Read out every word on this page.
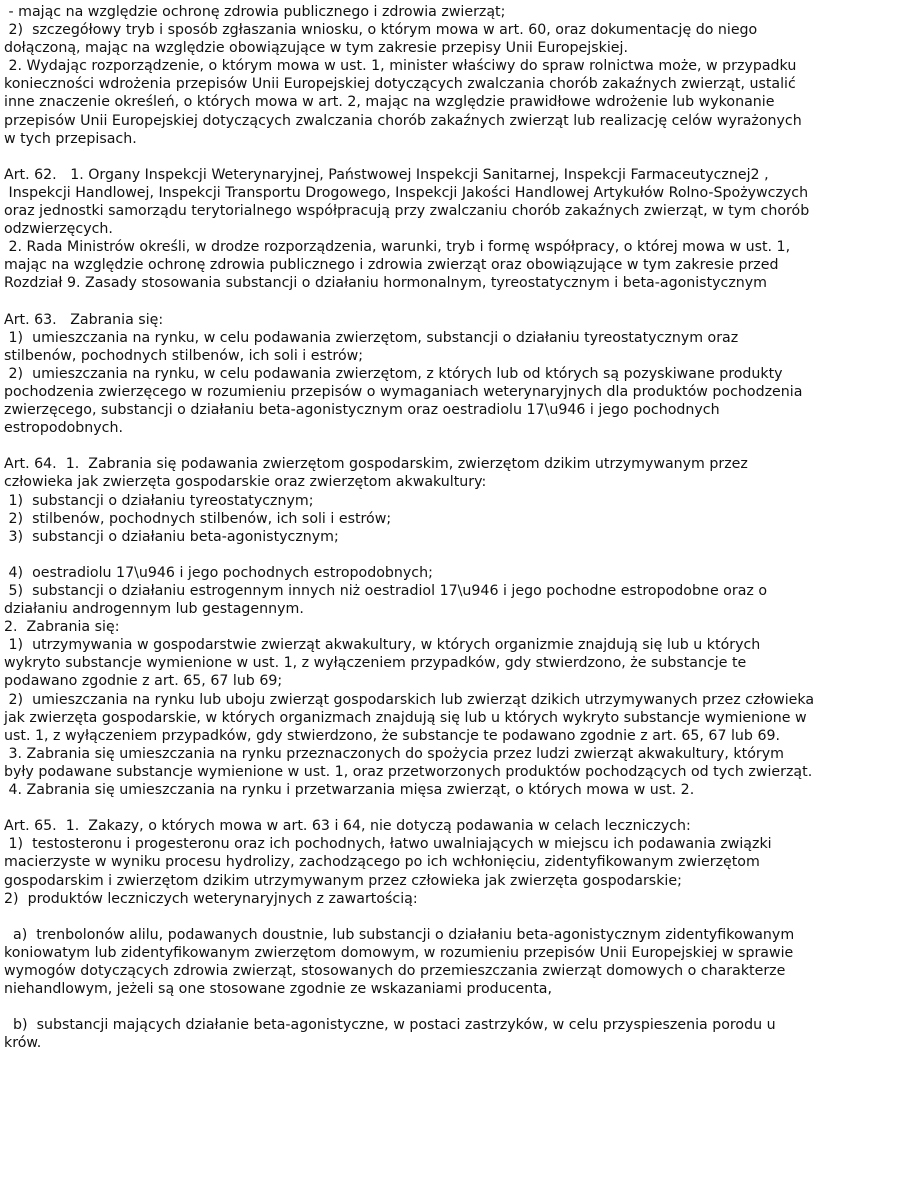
- mając na względzie ochronę zdrowia publicznego i zdrowia zwierząt;
2)  szczegółowy tryb i sposób zgłaszania wniosku, o którym mowa w art. 60, oraz dokumentację do niego
dołączoną, mając na względzie obowiązujące w tym zakresie przepisy Unii Europejskiej.
2. Wydając rozporządzenie, o którym mowa w ust. 1, minister właściwy do spraw rolnictwa może, w przypadku
konieczności wdrożenia przepisów Unii Europejskiej dotyczących zwalczania chorób zakaźnych zwierząt, ustalić
inne znaczenie określeń, o których mowa w art. 2, mając na względzie prawidłowe wdrożenie lub wykonanie
przepisów Unii Europejskiej dotyczących zwalczania chorób zakaźnych zwierząt lub realizację celów wyrażonych
w tych przepisach.
Art. 62.   1. Organy Inspekcji Weterynaryjnej, Państwowej Inspekcji Sanitarnej, Inspekcji Farmaceutycznej2 ,
Inspekcji Handlowej, Inspekcji Transportu Drogowego, Inspekcji Jakości Handlowej Artykułów Rolno-Spożywczych
oraz jednostki samorządu terytorialnego współpracują przy zwalczaniu chorób zakaźnych zwierząt, w tym chorób
odzwierzęcych.
2. Rada Ministrów określi, w drodze rozporządzenia, warunki, tryb i formę współpracy, o której mowa w ust. 1,
mając na względzie ochronę zdrowia publicznego i zdrowia zwierząt oraz obowiązujące w tym zakresie przed
Rozdział 9. Zasady stosowania substancji o działaniu hormonalnym, tyreostatycznym i beta-agonistycznym
Art. 63.   Zabrania się:
1)  umieszczania na rynku, w celu podawania zwierzętom, substancji o działaniu tyreostatycznym oraz
stilbenów, pochodnych stilbenów, ich soli i estrów;
2)  umieszczania na rynku, w celu podawania zwierzętom, z których lub od których są pozyskiwane produkty
pochodzenia zwierzęcego w rozumieniu przepisów o wymaganiach weterynaryjnych dla produktów pochodzenia
zwierzęcego, substancji o działaniu beta-agonistycznym oraz oestradiolu 17\u946 i jego pochodnych
estropodobnych.
Art. 64.  1.  Zabrania się podawania zwierzętom gospodarskim, zwierzętom dzikim utrzymywanym przez
człowieka jak zwierzęta gospodarskie oraz zwierzętom akwakultury:
1)  substancji o działaniu tyreostatycznym;
2)  stilbenów, pochodnych stilbenów, ich soli i estrów;
3)  substancji o działaniu beta-agonistycznym;
4)  oestradiolu 17\u946 i jego pochodnych estropodobnych;
5)  substancji o działaniu estrogennym innych niż oestradiol 17\u946 i jego pochodne estropodobne oraz o
działaniu androgennym lub gestagennym.
2.  Zabrania się:
1)  utrzymywania w gospodarstwie zwierząt akwakultury, w których organizmie znajdują się lub u których
wykryto substancje wymienione w ust. 1, z wyłączeniem przypadków, gdy stwierdzono, że substancje te
podawano zgodnie z art. 65, 67 lub 69;
2)  umieszczania na rynku lub uboju zwierząt gospodarskich lub zwierząt dzikich utrzymywanych przez człowieka
jak zwierzęta gospodarskie, w których organizmach znajdują się lub u których wykryto substancje wymienione w
ust. 1, z wyłączeniem przypadków, gdy stwierdzono, że substancje te podawano zgodnie z art. 65, 67 lub 69.
3. Zabrania się umieszczania na rynku przeznaczonych do spożycia przez ludzi zwierząt akwakultury, którym
były podawane substancje wymienione w ust. 1, oraz przetworzonych produktów pochodzących od tych zwierząt.
4. Zabrania się umieszczania na rynku i przetwarzania mięsa zwierząt, o których mowa w ust. 2.
Art. 65.  1.  Zakazy, o których mowa w art. 63 i 64, nie dotyczą podawania w celach leczniczych:
1)  testosteronu i progesteronu oraz ich pochodnych, łatwo uwalniających w miejscu ich podawania związki
macierzyste w wyniku procesu hydrolizy, zachodzącego po ich wchłonięciu, zidentyfikowanym zwierzętom
gospodarskim i zwierzętom dzikim utrzymywanym przez człowieka jak zwierzęta gospodarskie;
2)  produktów leczniczych weterynaryjnych z zawartością:
a)  trenbolonów alilu, podawanych doustnie, lub substancji o działaniu beta-agonistycznym zidentyfikowanym
koniowatym lub zidentyfikowanym zwierzętom domowym, w rozumieniu przepisów Unii Europejskiej w sprawie
wymogów dotyczących zdrowia zwierząt, stosowanych do przemieszczania zwierząt domowych o charakterze
niehandlowym, jeżeli są one stosowane zgodnie ze wskazaniami producenta,
b)  substancji mających działanie beta-agonistyczne, w postaci zastrzyków, w celu przyspieszenia porodu u
krów.
